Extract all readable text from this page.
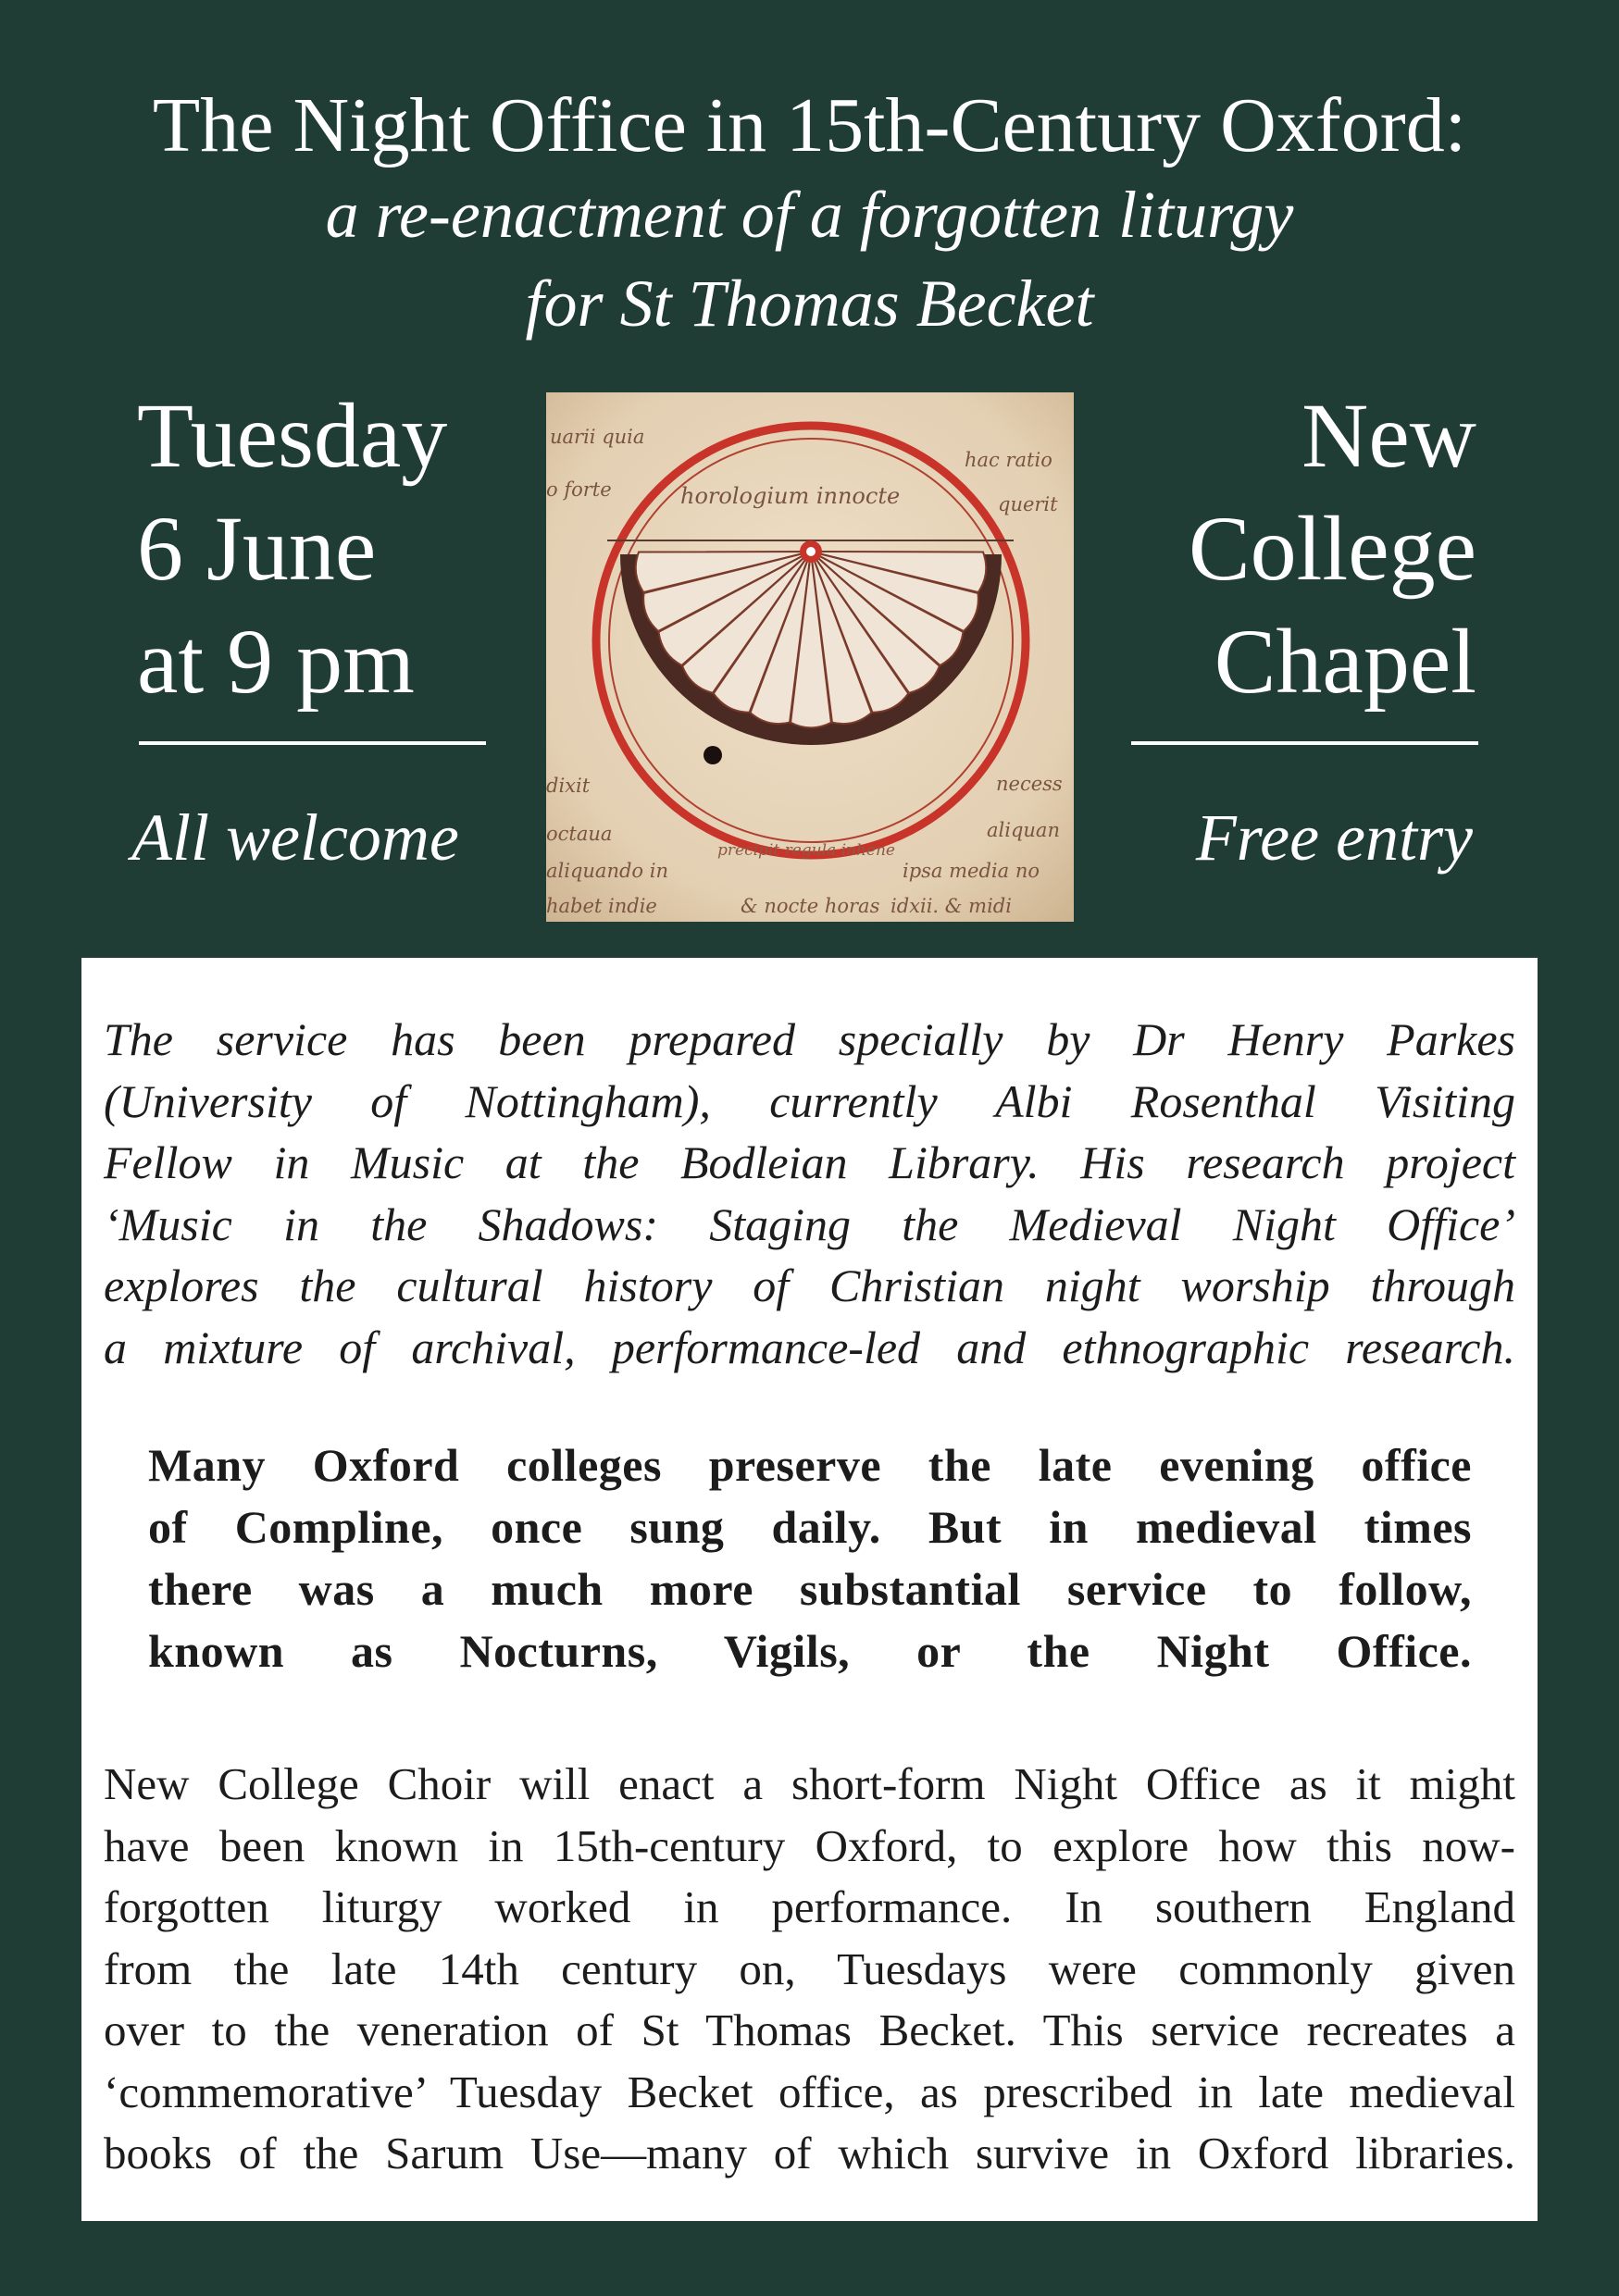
The Night Office in 15th-Century Oxford:
a re-enactment of a forgotten liturgy
for St Thomas Becket
Tuesday
6 June
at 9 pm
All welcome
New
College
Chapel
Free entry
uarii quia
o forte
dixit
octaua
aliquando in
habet indie
hac ratio
querit
necess
aliquan
ipsa media no
idxii. & midi
& nocte horas
horologium innocte
precipit regula inhene
The service has been prepared specially by Dr Henry Parkes
(University of Nottingham), currently Albi Rosenthal Visiting
Fellow in Music at the Bodleian Library. His research project
‘Music in the Shadows: Staging the Medieval Night Office’
explores the cultural history of Christian night worship through
a mixture of archival, performance-led and ethnographic research.
Many Oxford colleges preserve the late evening office
of Compline, once sung daily. But in medieval times
there was a much more substantial service to follow,
known as Nocturns, Vigils, or the Night Office.
New College Choir will enact a short-form Night Office as it might
have been known in 15th-century Oxford, to explore how this now-
forgotten liturgy worked in performance. In southern England
from the late 14th century on, Tuesdays were commonly given
over to the veneration of St Thomas Becket. This service recreates a
‘commemorative’ Tuesday Becket office, as prescribed in late medieval
books of the Sarum Use—many of which survive in Oxford libraries.
